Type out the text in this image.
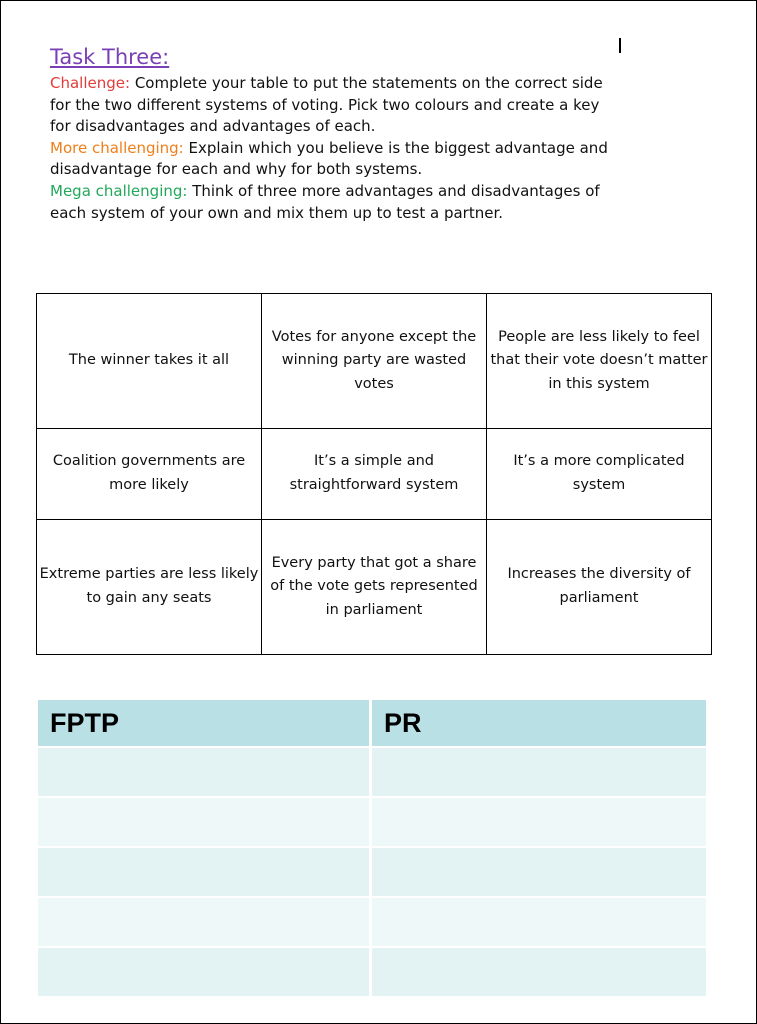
Task Three:

Challenge: Complete your table to put the statements on the correct side for the two different systems of voting. Pick two colours and create a key for disadvantages and advantages of each.

More challenging: Explain which you believe is the biggest advantage and disadvantage for each and why for both systems.

Mega challenging: Think of three more advantages and disadvantages of each system of your own and mix them up to test a partner.

The winner takes it all	Votes for anyone except the winning party are wasted votes	People are less likely to feel that their vote doesn’t matter in this system
Coalition governments are more likely	It’s a simple and straightforward system	It’s a more complicated system
Extreme parties are less likely to gain any seats	Every party that got a share of the vote gets represented in parliament	Increases the diversity of parliament
FPTP	PR
